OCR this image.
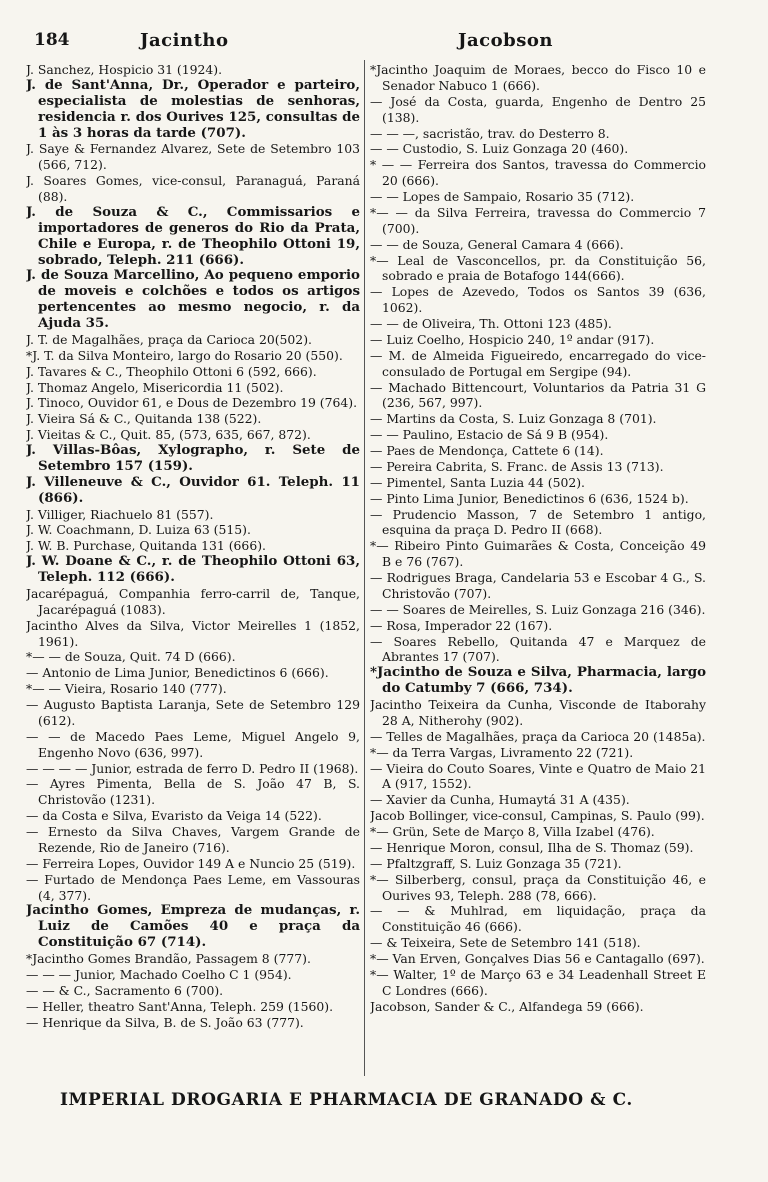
184	Jacintho	Jacobson

J. Sanchez, Hospicio 31 (1924).

J. de Sant'Anna, Dr., Operador e parteiro, especialista de molestias de senhoras, residencia r. dos Ourives 125, consultas de 1 às 3 horas da tarde (707).

J. Saye & Fernandez Alvarez, Sete de Setembro 103 (566, 712).

J. Soares Gomes, vice-consul, Paranaguá, Paraná (88).

J. de Souza & C., Commissarios e importadores de generos do Rio da Prata, Chile e Europa, r. de Theophilo Ottoni 19, sobrado, Teleph. 211 (666).

J. de Souza Marcellino, Ao pequeno emporio de moveis e colchões e todos os artigos pertencentes ao mesmo negocio, r. da Ajuda 35.

J. T. de Magalhães, praça da Carioca 20(502).

*J. T. da Silva Monteiro, largo do Rosario 20 (550).

J. Tavares & C., Theophilo Ottoni 6 (592, 666).

J. Thomaz Angelo, Misericordia 11 (502).

J. Tinoco, Ouvidor 61, e Dous de Dezembro 19 (764).

J. Vieira Sá & C., Quitanda 138 (522).

J. Vieitas & C., Quit. 85, (573, 635, 667, 872).

J. Villas-Bôas, Xylographo, r. Sete de Setembro 157 (159).

J. Villeneuve & C., Ouvidor 61. Teleph. 11 (866).

J. Villiger, Riachuelo 81 (557).

J. W. Coachmann, D. Luiza 63 (515).

J. W. B. Purchase, Quitanda 131 (666).

J. W. Doane & C., r. de Theophilo Ottoni 63, Teleph. 112 (666).

Jacarépaguá, Companhia ferro-carril de, Tanque, Jacarépaguá (1083).

Jacintho Alves da Silva, Victor Meirelles 1 (1852, 1961).

*— — de Souza, Quit. 74 D (666).

— Antonio de Lima Junior, Benedictinos 6 (666).

*— — Vieira, Rosario 140 (777).

— Augusto Baptista Laranja, Sete de Setembro 129 (612).

— — de Macedo Paes Leme, Miguel Angelo 9, Engenho Novo (636, 997).

— — — — Junior, estrada de ferro D. Pedro II (1968).

— Ayres Pimenta, Bella de S. João 47 B, S. Christovão (1231).

— da Costa e Silva, Evaristo da Veiga 14 (522).

— Ernesto da Silva Chaves, Vargem Grande de Rezende, Rio de Janeiro (716).

— Ferreira Lopes, Ouvidor 149 A e Nuncio 25 (519).

— Furtado de Mendonça Paes Leme, em Vassouras (4, 377).

Jacintho Gomes, Empreza de mudanças, r. Luiz de Camões 40 e praça da Constituição 67 (714).

*Jacintho Gomes Brandão, Passagem 8 (777).

— — — Junior, Machado Coelho C 1 (954).

— — & C., Sacramento 6 (700).

— Heller, theatro Sant'Anna, Teleph. 259 (1560).

— Henrique da Silva, B. de S. João 63 (777).

*Jacintho Joaquim de Moraes, becco do Fisco 10 e Senador Nabuco 1 (666).

— José da Costa, guarda, Engenho de Dentro 25 (138).

— — —, sacristão, trav. do Desterro 8.

— — Custodio, S. Luiz Gonzaga 20 (460).

* — — Ferreira dos Santos, travessa do Commercio 20 (666).

— — Lopes de Sampaio, Rosario 35 (712).

*— — da Silva Ferreira, travessa do Commercio 7 (700).

— — de Souza, General Camara 4 (666).

*— Leal de Vasconcellos, pr. da Constituição 56, sobrado e praia de Botafogo 144(666).

— Lopes de Azevedo, Todos os Santos 39 (636, 1062).

— — de Oliveira, Th. Ottoni 123 (485).

— Luiz Coelho, Hospicio 240, 1º andar (917).

— M. de Almeida Figueiredo, encarregado do vice-consulado de Portugal em Sergipe (94).

— Machado Bittencourt, Voluntarios da Patria 31 G (236, 567, 997).

— Martins da Costa, S. Luiz Gonzaga 8 (701).

— — Paulino, Estacio de Sá 9 B (954).

— Paes de Mendonça, Cattete 6 (14).

— Pereira Cabrita, S. Franc. de Assis 13 (713).

— Pimentel, Santa Luzia 44 (502).

— Pinto Lima Junior, Benedictinos 6 (636, 1524 b).

— Prudencio Masson, 7 de Setembro 1 antigo, esquina da praça D. Pedro II (668).

*— Ribeiro Pinto Guimarães & Costa, Conceição 49 B e 76 (767).

— Rodrigues Braga, Candelaria 53 e Escobar 4 G., S. Christovão (707).

— — Soares de Meirelles, S. Luiz Gonzaga 216 (346).

— Rosa, Imperador 22 (167).

— Soares Rebello, Quitanda 47 e Marquez de Abrantes 17 (707).

*Jacintho de Souza e Silva, Pharmacia, largo do Catumby 7 (666, 734).

Jacintho Teixeira da Cunha, Visconde de Itaborahy 28 A, Nitherohy (902).

— Telles de Magalhães, praça da Carioca 20 (1485a).

*— da Terra Vargas, Livramento 22 (721).

— Vieira do Couto Soares, Vinte e Quatro de Maio 21 A (917, 1552).

— Xavier da Cunha, Humaytá 31 A (435).

Jacob Bollinger, vice-consul, Campinas, S. Paulo (99).

*— Grün, Sete de Março 8, Villa Izabel (476).

— Henrique Moron, consul, Ilha de S. Thomaz (59).

— Pfaltzgraff, S. Luiz Gonzaga 35 (721).

*— Silberberg, consul, praça da Constituição 46, e Ourives 93, Teleph. 288 (78, 666).

— — & Muhlrad, em liquidação, praça da Constituição 46 (666).

— & Teixeira, Sete de Setembro 141 (518).

*— Van Erven, Gonçalves Dias 56 e Cantagallo (697).

*— Walter, 1º de Março 63 e 34 Leadenhall Street E C Londres (666).

Jacobson, Sander & C., Alfandega 59 (666).

IMPERIAL DROGARIA E PHARMACIA DE GRANADO & C.
